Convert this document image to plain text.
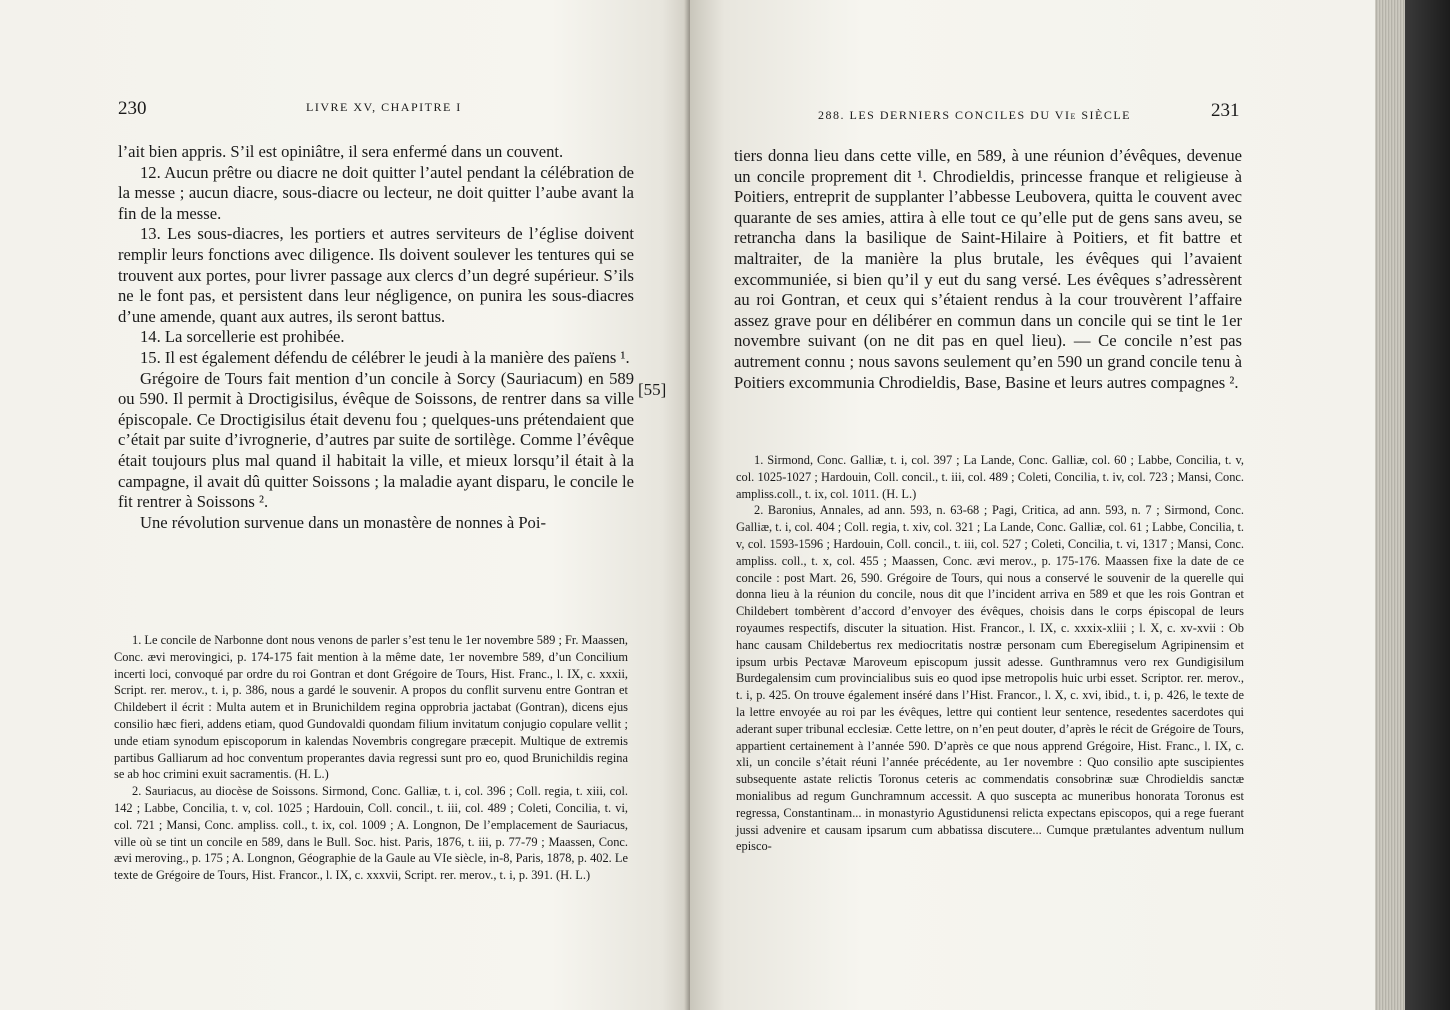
230	LIVRE XV, CHAPITRE I

l’ait bien appris. S’il est opiniâtre, il sera enfermé dans un couvent.

12. Aucun prêtre ou diacre ne doit quitter l’autel pendant la célébration de la messe ; aucun diacre, sous-diacre ou lecteur, ne doit quitter l’aube avant la fin de la messe.

13. Les sous-diacres, les portiers et autres serviteurs de l’église doivent remplir leurs fonctions avec diligence. Ils doivent soulever les tentures qui se trouvent aux portes, pour livrer passage aux clercs d’un degré supérieur. S’ils ne le font pas, et persistent dans leur négligence, on punira les sous-diacres d’une amende, quant aux autres, ils seront battus.

14. La sorcellerie est prohibée.

15. Il est également défendu de célébrer le jeudi à la manière des païens ¹.

Grégoire de Tours fait mention d’un concile à Sorcy (Sauriacum) en 589 ou 590. Il permit à Droctigisilus, évêque de Soissons, de rentrer dans sa ville épiscopale. Ce Droctigisilus était devenu fou ; quelques-uns prétendaient que c’était par suite d’ivrognerie, d’autres par suite de sortilège. Comme l’évêque était toujours plus mal quand il habitait la ville, et mieux lorsqu’il était à la campagne, il avait dû quitter Soissons ; la maladie ayant disparu, le concile le fit rentrer à Soissons ².

Une révolution survenue dans un monastère de nonnes à Poi-

1. Le concile de Narbonne dont nous venons de parler s’est tenu le 1er novembre 589 ; Fr. Maassen, Conc. ævi merovingici, p. 174-175 fait mention à la même date, 1er novembre 589, d’un Concilium incerti loci, convoqué par ordre du roi Gontran et dont Grégoire de Tours, Hist. Franc., l. IX, c. xxxii, Script. rer. merov., t. i, p. 386, nous a gardé le souvenir. A propos du conflit survenu entre Gontran et Childebert il écrit : Multa autem et in Brunichildem regina opprobria jactabat (Gontran), dicens ejus consilio hæc fieri, addens etiam, quod Gundovaldi quondam filium invitatum conjugio copulare vellit ; unde etiam synodum episcoporum in kalendas Novembris congregare præcepit. Multique de extremis partibus Galliarum ad hoc conventum properantes davia regressi sunt pro eo, quod Brunichildis regina se ab hoc crimini exuit sacramentis. (H. L.)

2. Sauriacus, au diocèse de Soissons. Sirmond, Conc. Galliæ, t. i, col. 396 ; Coll. regia, t. xiii, col. 142 ; Labbe, Concilia, t. v, col. 1025 ; Hardouin, Coll. concil., t. iii, col. 489 ; Coleti, Concilia, t. vi, col. 721 ; Mansi, Conc. ampliss. coll., t. ix, col. 1009 ; A. Longnon, De l’emplacement de Sauriacus, ville où se tint un concile en 589, dans le Bull. Soc. hist. Paris, 1876, t. iii, p. 77-79 ; Maassen, Conc. ævi meroving., p. 175 ; A. Longnon, Géographie de la Gaule au VIe siècle, in-8, Paris, 1878, p. 402. Le texte de Grégoire de Tours, Hist. Francor., l. IX, c. xxxvii, Script. rer. merov., t. i, p. 391. (H. L.)

[55]
288. LES DERNIERS CONCILES DU VIe SIÈCLE	231

tiers donna lieu dans cette ville, en 589, à une réunion d’évêques, devenue un concile proprement dit ¹. Chrodieldis, princesse franque et religieuse à Poitiers, entreprit de supplanter l’abbesse Leubovera, quitta le couvent avec quarante de ses amies, attira à elle tout ce qu’elle put de gens sans aveu, se retrancha dans la basilique de Saint-Hilaire à Poitiers, et fit battre et maltraiter, de la manière la plus brutale, les évêques qui l’avaient excommuniée, si bien qu’il y eut du sang versé. Les évêques s’adressèrent au roi Gontran, et ceux qui s’étaient rendus à la cour trouvèrent l’affaire assez grave pour en délibérer en commun dans un concile qui se tint le 1er novembre suivant (on ne dit pas en quel lieu). — Ce concile n’est pas autrement connu ; nous savons seulement qu’en 590 un grand concile tenu à Poitiers excommunia Chrodieldis, Base, Basine et leurs autres compagnes ².

1. Sirmond, Conc. Galliæ, t. i, col. 397 ; La Lande, Conc. Galliæ, col. 60 ; Labbe, Concilia, t. v, col. 1025-1027 ; Hardouin, Coll. concil., t. iii, col. 489 ; Coleti, Concilia, t. iv, col. 723 ; Mansi, Conc. ampliss.coll., t. ix, col. 1011. (H. L.)

2. Baronius, Annales, ad ann. 593, n. 63-68 ; Pagi, Critica, ad ann. 593, n. 7 ; Sirmond, Conc. Galliæ, t. i, col. 404 ; Coll. regia, t. xiv, col. 321 ; La Lande, Conc. Galliæ, col. 61 ; Labbe, Concilia, t. v, col. 1593-1596 ; Hardouin, Coll. concil., t. iii, col. 527 ; Coleti, Concilia, t. vi, 1317 ; Mansi, Conc. ampliss. coll., t. x, col. 455 ; Maassen, Conc. ævi merov., p. 175-176. Maassen fixe la date de ce concile : post Mart. 26, 590. Grégoire de Tours, qui nous a conservé le souvenir de la querelle qui donna lieu à la réunion du concile, nous dit que l’incident arriva en 589 et que les rois Gontran et Childebert tombèrent d’accord d’envoyer des évêques, choisis dans le corps épiscopal de leurs royaumes respectifs, discuter la situation. Hist. Francor., l. IX, c. xxxix-xliii ; l. X, c. xv-xvii : Ob hanc causam Childebertus rex mediocritatis nostræ personam cum Eberegiselum Agripinensim et ipsum urbis Pectavæ Maroveum episcopum jussit adesse. Gunthramnus vero rex Gundigisilum Burdegalensim cum provincialibus suis eo quod ipse metropolis huic urbi esset. Scriptor. rer. merov., t. i, p. 425. On trouve également inséré dans l’Hist. Francor., l. X, c. xvi, ibid., t. i, p. 426, le texte de la lettre envoyée au roi par les évêques, lettre qui contient leur sentence, resedentes sacerdotes qui aderant super tribunal ecclesiæ. Cette lettre, on n’en peut douter, d’après le récit de Grégoire de Tours, appartient certainement à l’année 590. D’après ce que nous apprend Grégoire, Hist. Franc., l. IX, c. xli, un concile s’était réuni l’année précédente, au 1er novembre : Quo consilio apte suscipientes subsequente astate relictis Toronus ceteris ac commendatis consobrinæ suæ Chrodieldis sanctæ monialibus ad regum Gunchramnum accessit. A quo suscepta ac muneribus honorata Toronus est regressa, Constantinam... in monastyrio Agustidunensi relicta expectans episcopos, qui a rege fuerant jussi advenire et causam ipsarum cum abbatissa discutere... Cumque prætulantes adventum nullum episco-
